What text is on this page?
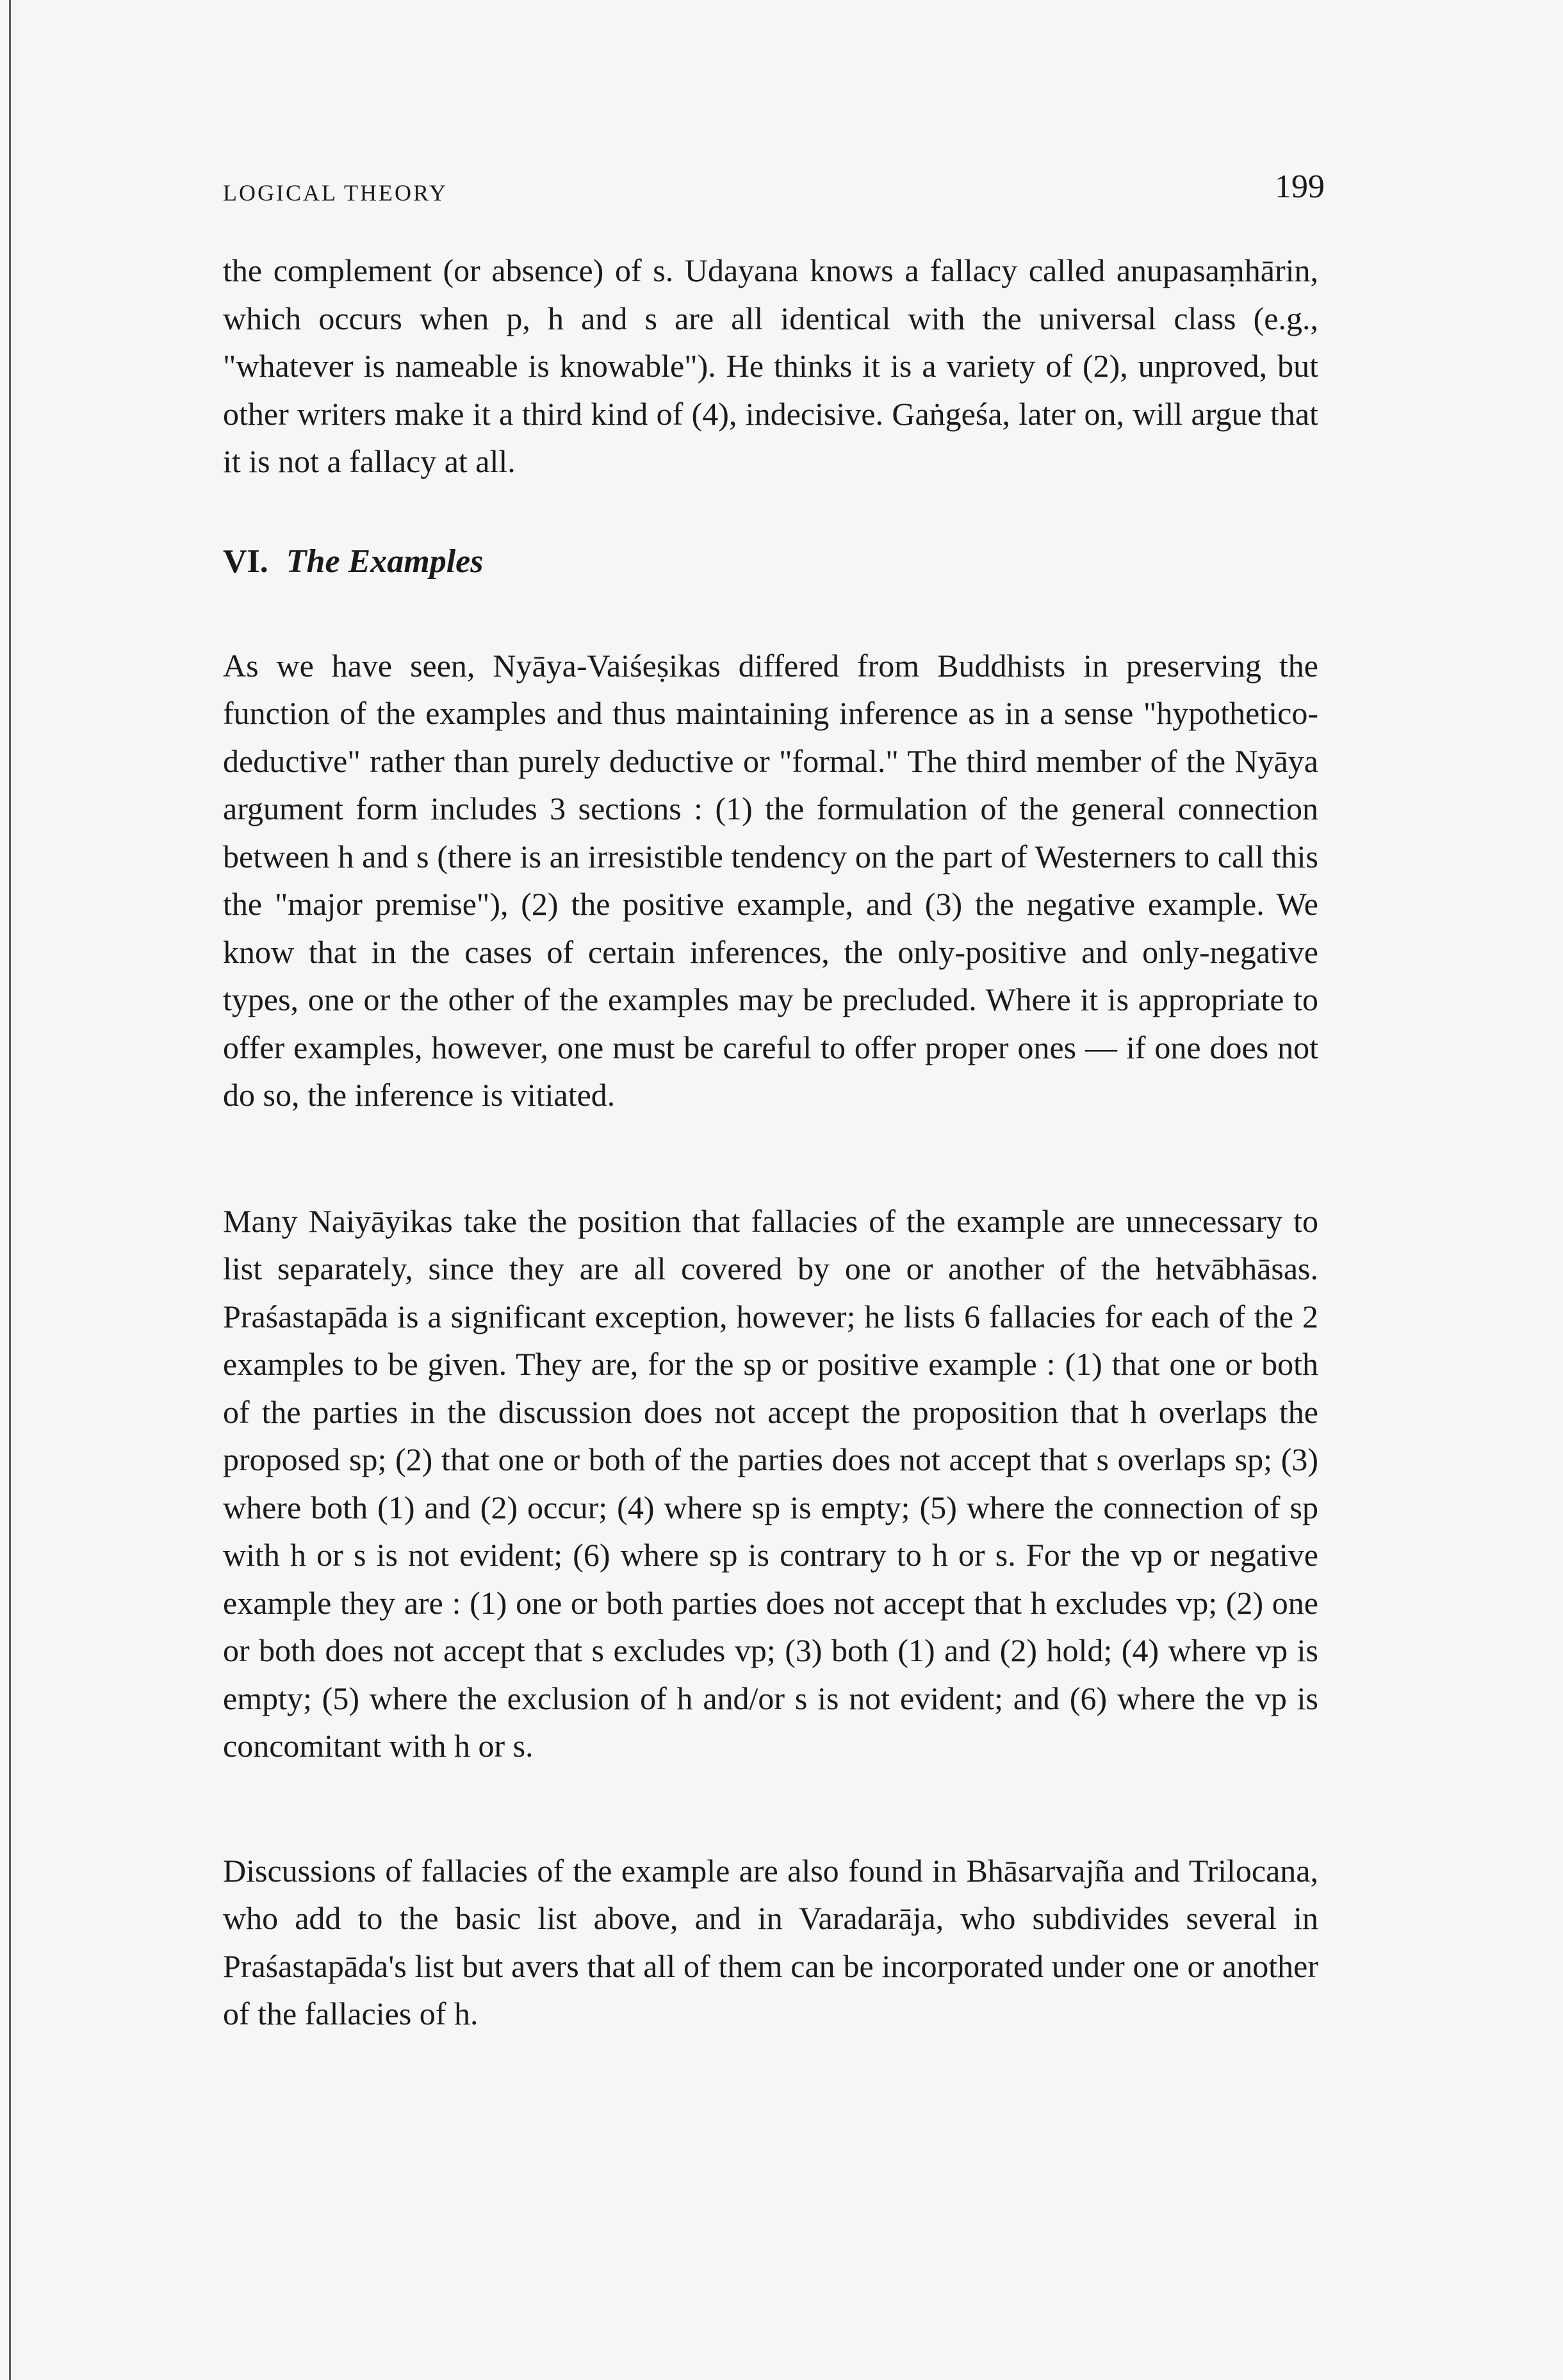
LOGICAL THEORY	199

the complement (or absence) of s. Udayana knows a fallacy called anupasaṃhārin, which occurs when p, h and s are all identical with the universal class (e.g., "whatever is nameable is knowable"). He thinks it is a variety of (2), unproved, but other writers make it a third kind of (4), indecisive. Gaṅgeśa, later on, will argue that it is not a fallacy at all.

VI. The Examples

As we have seen, Nyāya-Vaiśeṣikas differed from Buddhists in preserving the function of the examples and thus maintaining inference as in a sense "hypothetico-deductive" rather than purely deductive or "formal." The third member of the Nyāya argument form includes 3 sections : (1) the formulation of the general connection between h and s (there is an irresistible tendency on the part of Westerners to call this the "major premise"), (2) the positive example, and (3) the negative example. We know that in the cases of certain inferences, the only-positive and only-negative types, one or the other of the examples may be precluded. Where it is appropriate to offer examples, however, one must be careful to offer proper ones — if one does not do so, the inference is vitiated.

Many Naiyāyikas take the position that fallacies of the example are unnecessary to list separately, since they are all covered by one or another of the hetvābhāsas. Praśastapāda is a significant exception, however; he lists 6 fallacies for each of the 2 examples to be given. They are, for the sp or positive example : (1) that one or both of the parties in the discussion does not accept the proposition that h overlaps the proposed sp; (2) that one or both of the parties does not accept that s overlaps sp; (3) where both (1) and (2) occur; (4) where sp is empty; (5) where the connection of sp with h or s is not evident; (6) where sp is contrary to h or s. For the vp or negative example they are : (1) one or both parties does not accept that h excludes vp; (2) one or both does not accept that s excludes vp; (3) both (1) and (2) hold; (4) where vp is empty; (5) where the exclusion of h and/or s is not evident; and (6) where the vp is concomitant with h or s.

Discussions of fallacies of the example are also found in Bhāsarvajña and Trilocana, who add to the basic list above, and in Varadarāja, who subdivides several in Praśastapāda's list but avers that all of them can be incorporated under one or another of the fallacies of h.
